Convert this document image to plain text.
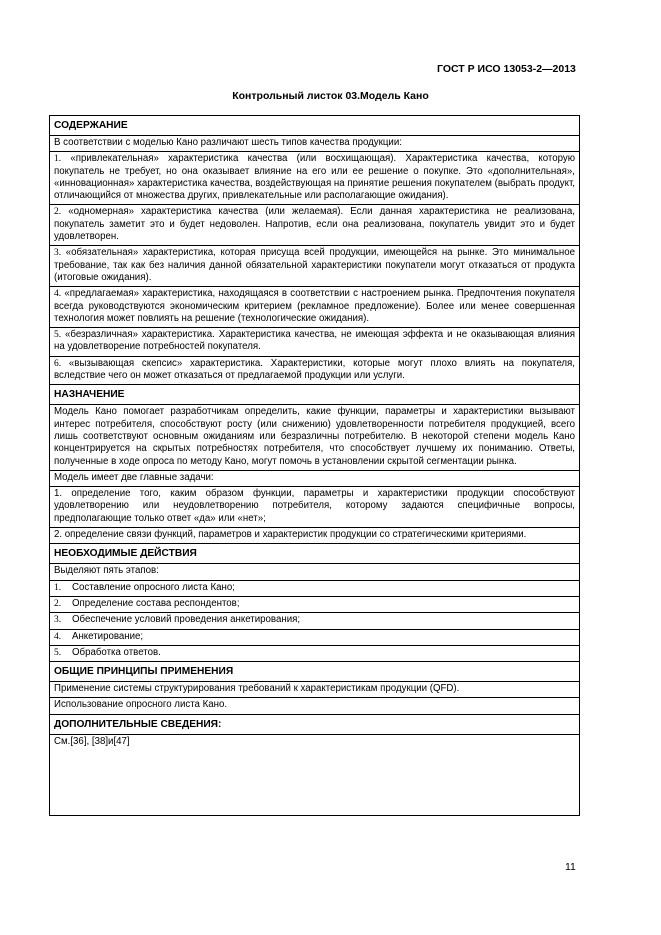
ГОСТ Р ИСО 13053-2—2013
Контрольный листок 03.Модель Кано
СОДЕРЖАНИЕ
В соответствии с моделью Кано различают шесть типов качества продукции:
1. «привлекательная» характеристика качества (или восхищающая). Характеристика качества, которую покупатель не требует, но она оказывает влияние на его или ее решение о покупке. Это «дополнительная», «инновационная» характеристика качества, воздействующая на принятие решения покупателем (выбрать продукт, отличающийся от множества других, привлекательные или располагающие ожидания).
2. «одномерная» характеристика качества (или желаемая). Если данная характеристика не реализована, покупатель заметит это и будет недоволен. Напротив, если она реализована, покупатель увидит это и будет удовлетворен.
3. «обязательная» характеристика, которая присуща всей продукции, имеющейся на рынке. Это минимальное требование, так как без наличия данной обязательной характеристики покупатели могут отказаться от продукта (итоговые ожидания).
4. «предлагаемая» характеристика, находящаяся в соответствии с настроением рынка. Предпочтения покупателя всегда руководствуются экономическим критерием (рекламное предложение). Более или менее совершенная технология может повлиять на решение (технологические ожидания).
5. «безразличная» характеристика. Характеристика качества, не имеющая эффекта и не оказывающая влияния на удовлетворение потребностей покупателя.
6. «вызывающая скепсис» характеристика. Характеристики, которые могут плохо влиять на покупателя, вследствие чего он может отказаться от предлагаемой продукции или услуги.
НАЗНАЧЕНИЕ
Модель Кано помогает разработчикам определить, какие функции, параметры и характеристики вызывают интерес потребителя, способствуют росту (или снижению) удовлетворенности потребителя продукцией, всего лишь соответствуют основным ожиданиям или безразличны потребителю. В некоторой степени модель Кано концентрируется на скрытых потребностях потребителя, что способствует лучшему их пониманию. Ответы, полученные в ходе опроса по методу Кано, могут помочь в установлении скрытой сегментации рынка.
Модель имеет две главные задачи:
1. определение того, каким образом функции, параметры и характеристики продукции способствуют удовлетворению или неудовлетворению потребителя, которому задаются специфичные вопросы, предполагающие только ответ «да» или «нет»;
2. определение связи функций, параметров и характеристик продукции со стратегическими критериями.
НЕОБХОДИМЫЕ ДЕЙСТВИЯ
Выделяют пять этапов:
1.	Составление опросного листа Кано;
2.	Определение состава респондентов;
3.	Обеспечение условий проведения анкетирования;
4.	Анкетирование;
5.	Обработка ответов.
ОБЩИЕ ПРИНЦИПЫ ПРИМЕНЕНИЯ
Применение системы структурирования требований к характеристикам продукции (QFD).
Использование опросного листа Кано.
ДОПОЛНИТЕЛЬНЫЕ СВЕДЕНИЯ:
См.[36], [38]и[47]
11
